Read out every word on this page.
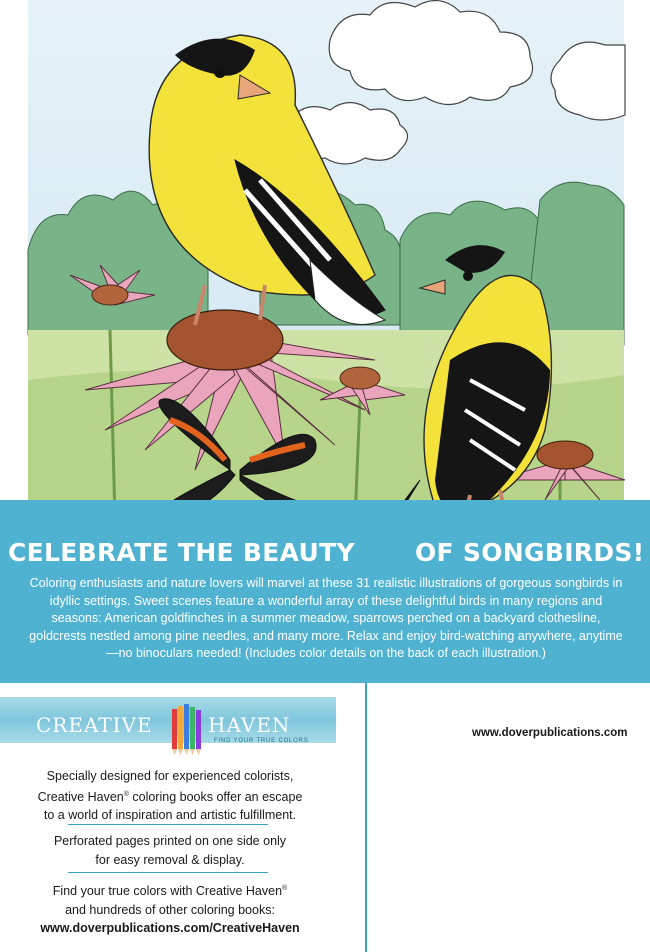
CELEBRATE THE BEAUTY OF SONGBIRDS!

Coloring enthusiasts and nature lovers will marvel at these 31 realistic illustrations of gorgeous songbirds in idyllic settings. Sweet scenes feature a wonderful array of these delightful birds in many regions and seasons: American goldfinches in a summer meadow, sparrows perched on a backyard clothesline, goldcrests nestled among pine needles, and many more. Relax and enjoy bird-watching anywhere, anytime—no binoculars needed! (Includes color details on the back of each illustration.)

CREATIVE	HAVEN
FIND YOUR TRUE COLORS
Specially designed for experienced colorists,
Creative Haven® coloring books offer an escape
to a world of inspiration and artistic fulfillment.
Perforated pages printed on one side only
for easy removal & display.
Find your true colors with Creative Haven®
and hundreds of other coloring books:
www.doverpublications.com/CreativeHaven
www.doverpublications.com
